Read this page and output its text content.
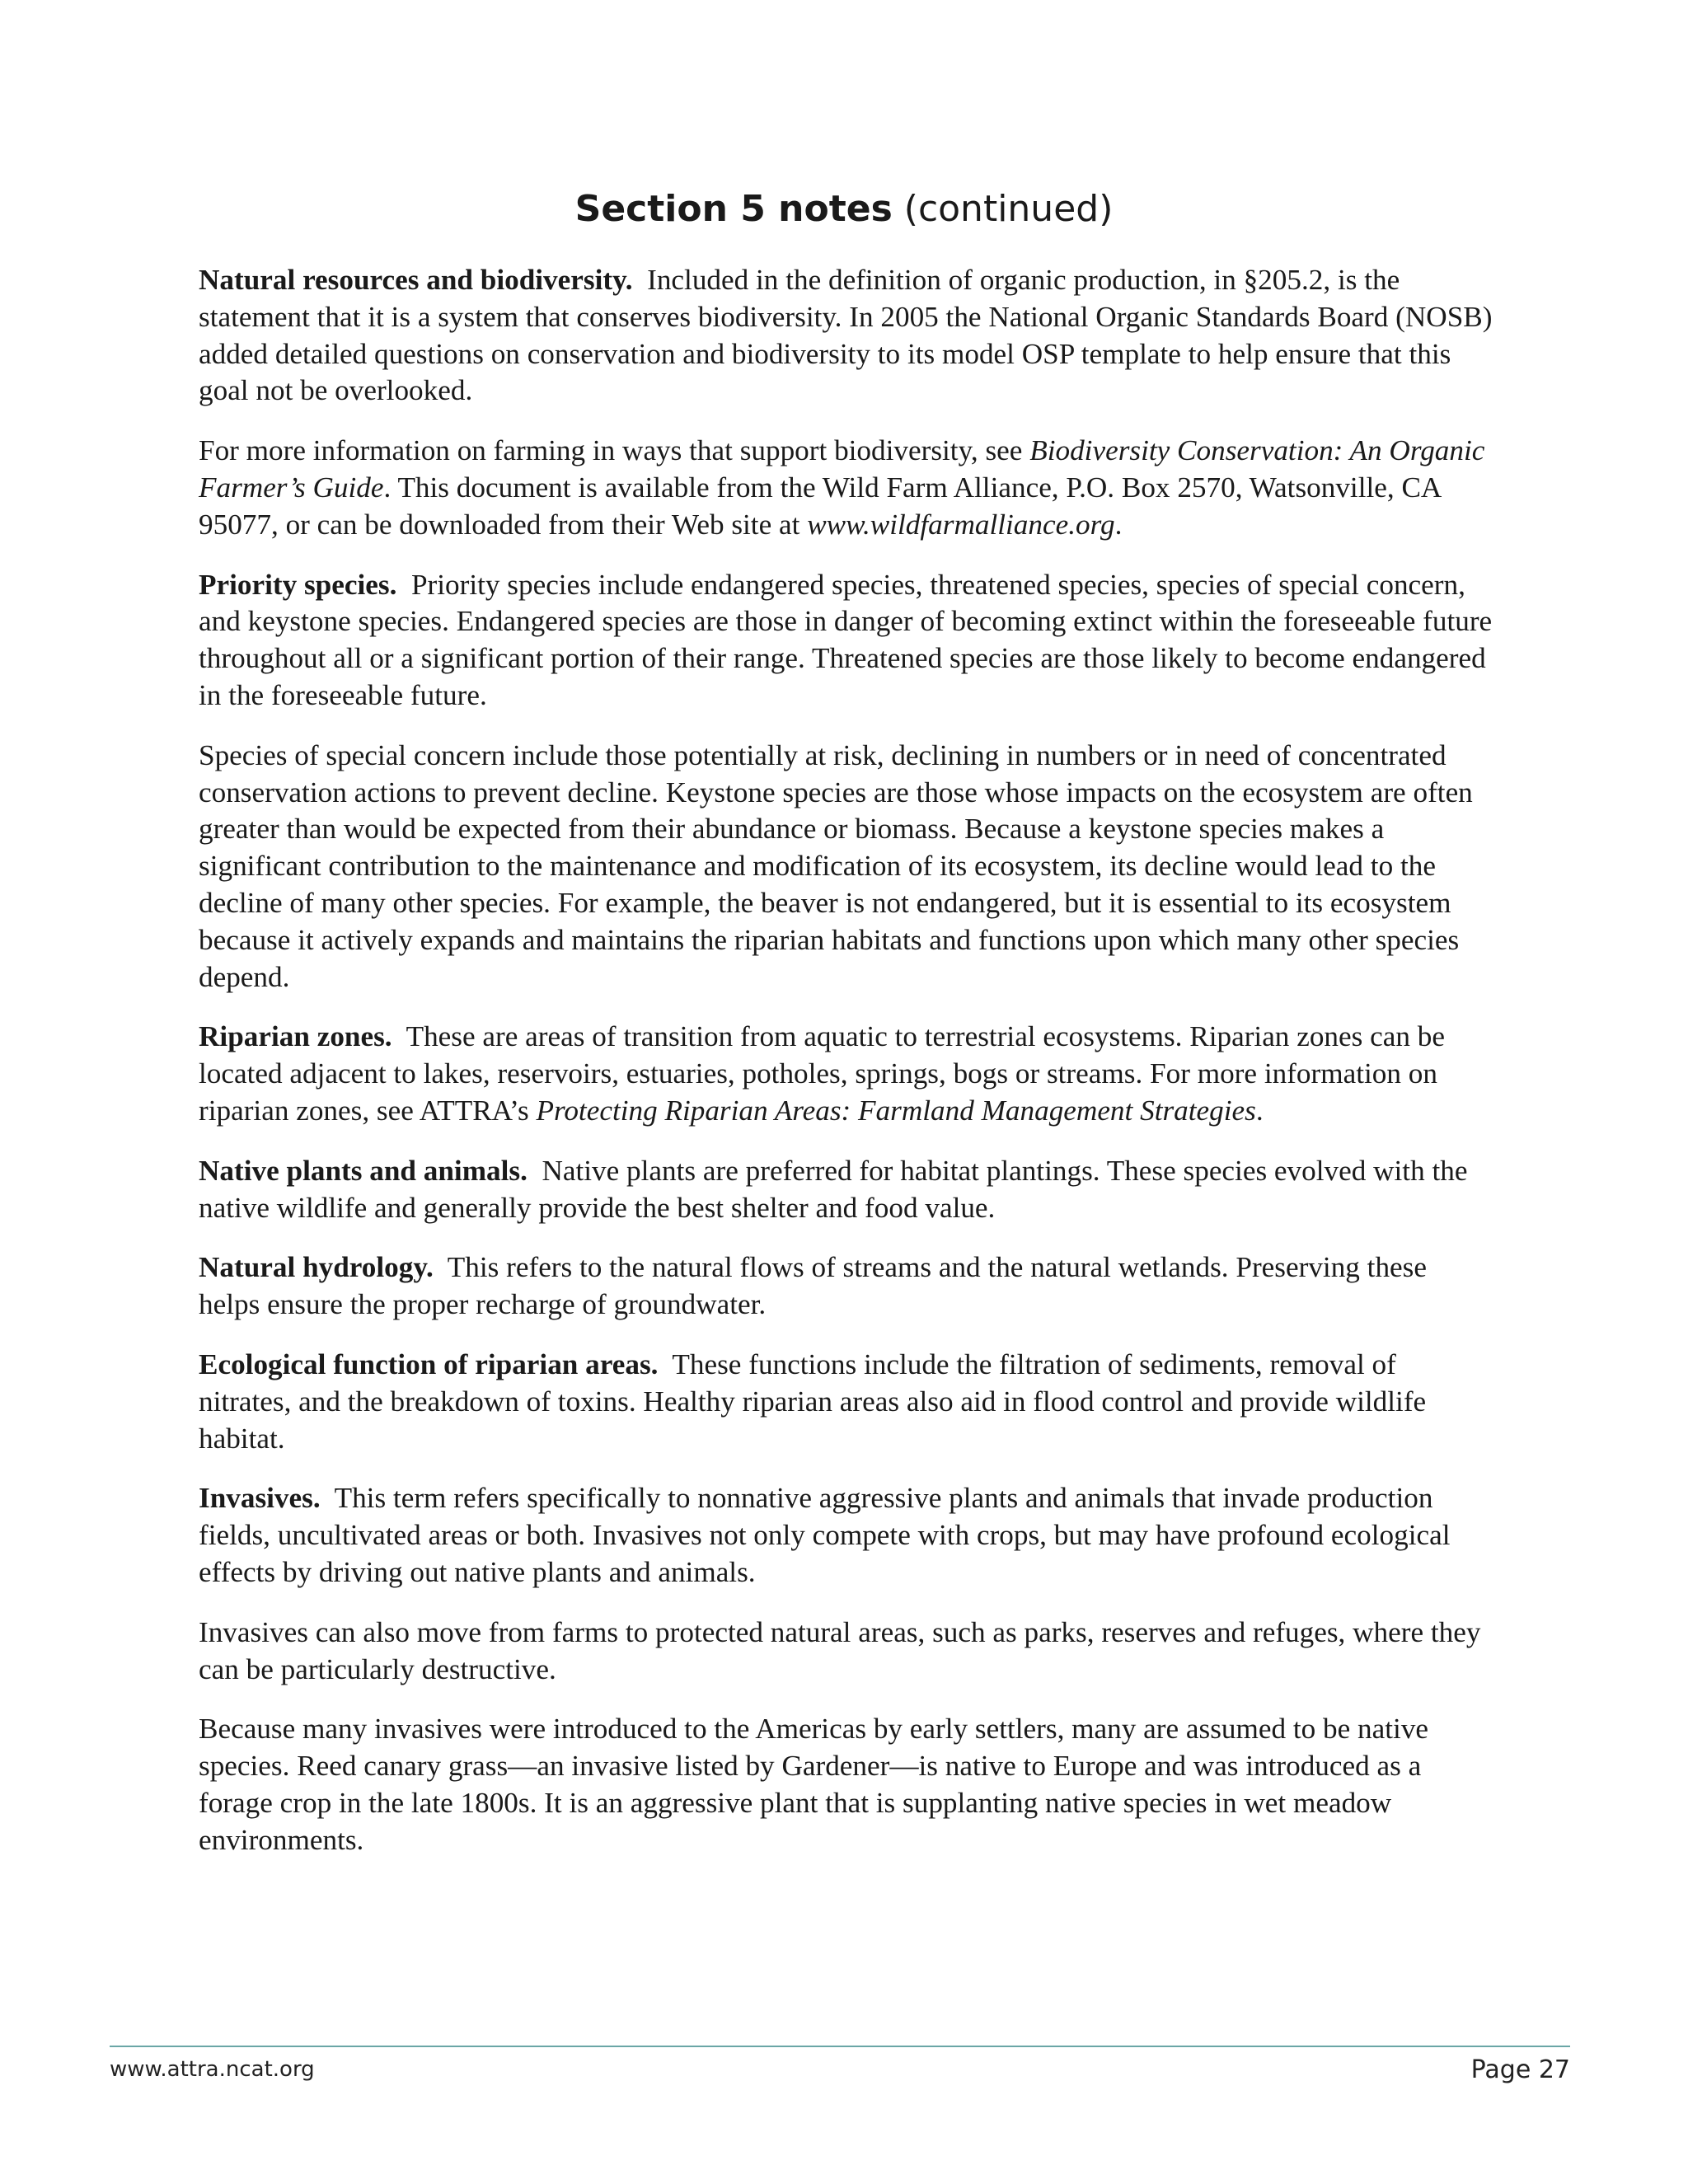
Section 5 notes (continued)

Natural resources and biodiversity. Included in the definition of organic production, in §205.2, is the statement that it is a system that conserves biodiversity. In 2005 the National Organic Standards Board (NOSB) added detailed questions on conservation and biodiversity to its model OSP template to help ensure that this goal not be overlooked.

For more information on farming in ways that support biodiversity, see Biodiversity Conservation: An Organic Farmer’s Guide. This document is available from the Wild Farm Alliance, P.O. Box 2570, Watsonville, CA 95077, or can be downloaded from their Web site at www.wildfarmalliance.org.

Priority species. Priority species include endangered species, threatened species, species of special concern, and keystone species. Endangered species are those in danger of becoming extinct within the foreseeable future throughout all or a significant portion of their range. Threatened species are those likely to become endangered in the foreseeable future.

Species of special concern include those potentially at risk, declining in numbers or in need of concentrated conservation actions to prevent decline. Keystone species are those whose impacts on the ecosystem are often greater than would be expected from their abundance or biomass. Because a keystone species makes a significant contribution to the maintenance and modification of its ecosystem, its decline would lead to the decline of many other species. For example, the beaver is not endangered, but it is essential to its ecosystem because it actively expands and maintains the riparian habitats and functions upon which many other species depend.

Riparian zones. These are areas of transition from aquatic to terrestrial ecosystems. Riparian zones can be located adjacent to lakes, reservoirs, estuaries, potholes, springs, bogs or streams. For more information on riparian zones, see ATTRA’s Protecting Riparian Areas: Farmland Management Strategies.

Native plants and animals. Native plants are preferred for habitat plantings. These species evolved with the native wildlife and generally provide the best shelter and food value.

Natural hydrology. This refers to the natural flows of streams and the natural wetlands. Preserving these helps ensure the proper recharge of groundwater.

Ecological function of riparian areas. These functions include the filtration of sediments, removal of nitrates, and the breakdown of toxins. Healthy riparian areas also aid in flood control and provide wildlife habitat.

Invasives. This term refers specifically to nonnative aggressive plants and animals that invade production fields, uncultivated areas or both. Invasives not only compete with crops, but may have profound ecological effects by driving out native plants and animals.

Invasives can also move from farms to protected natural areas, such as parks, reserves and refuges, where they can be particularly destructive.

Because many invasives were introduced to the Americas by early settlers, many are assumed to be native species. Reed canary grass—an invasive listed by Gardener—is native to Europe and was introduced as a forage crop in the late 1800s. It is an aggressive plant that is supplanting native species in wet meadow environments.

www.attra.ncat.org	Page 27
